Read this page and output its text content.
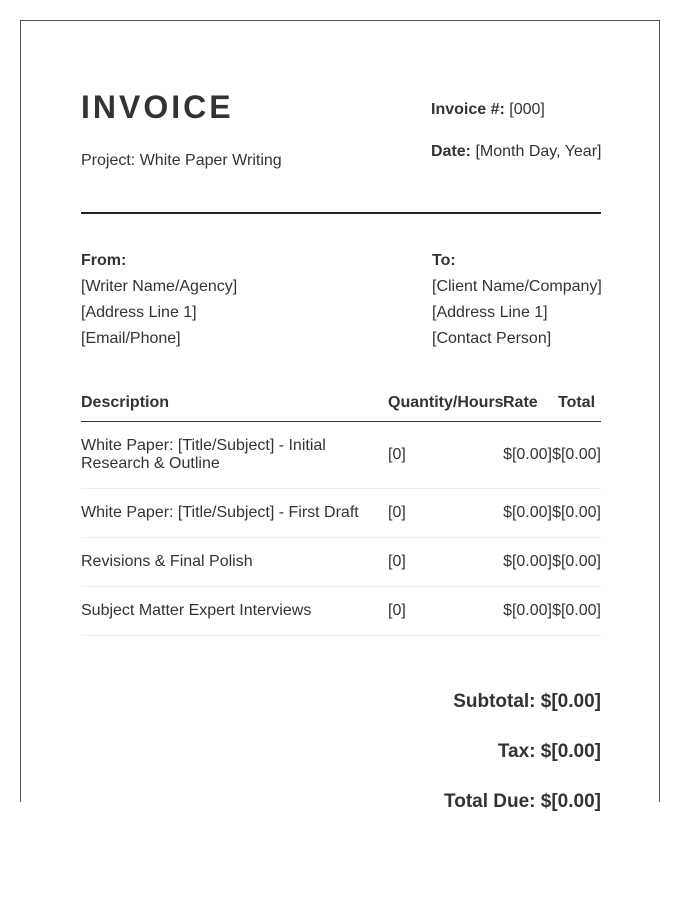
INVOICE
Project: White Paper Writing
Invoice #: [000]
Date: [Month Day, Year]
From:
[Writer Name/Agency]
[Address Line 1]
[Email/Phone]
To:
[Client Name/Company]
[Address Line 1]
[Contact Person]
Description	Quantity/Hours	Rate	Total
White Paper: [Title/Subject] - Initial Research & Outline	[0]	$[0.00]	$[0.00]
White Paper: [Title/Subject] - First Draft	[0]	$[0.00]	$[0.00]
Revisions & Final Polish	[0]	$[0.00]	$[0.00]
Subject Matter Expert Interviews	[0]	$[0.00]	$[0.00]
Subtotal: $[0.00]
Tax: $[0.00]
Total Due: $[0.00]
